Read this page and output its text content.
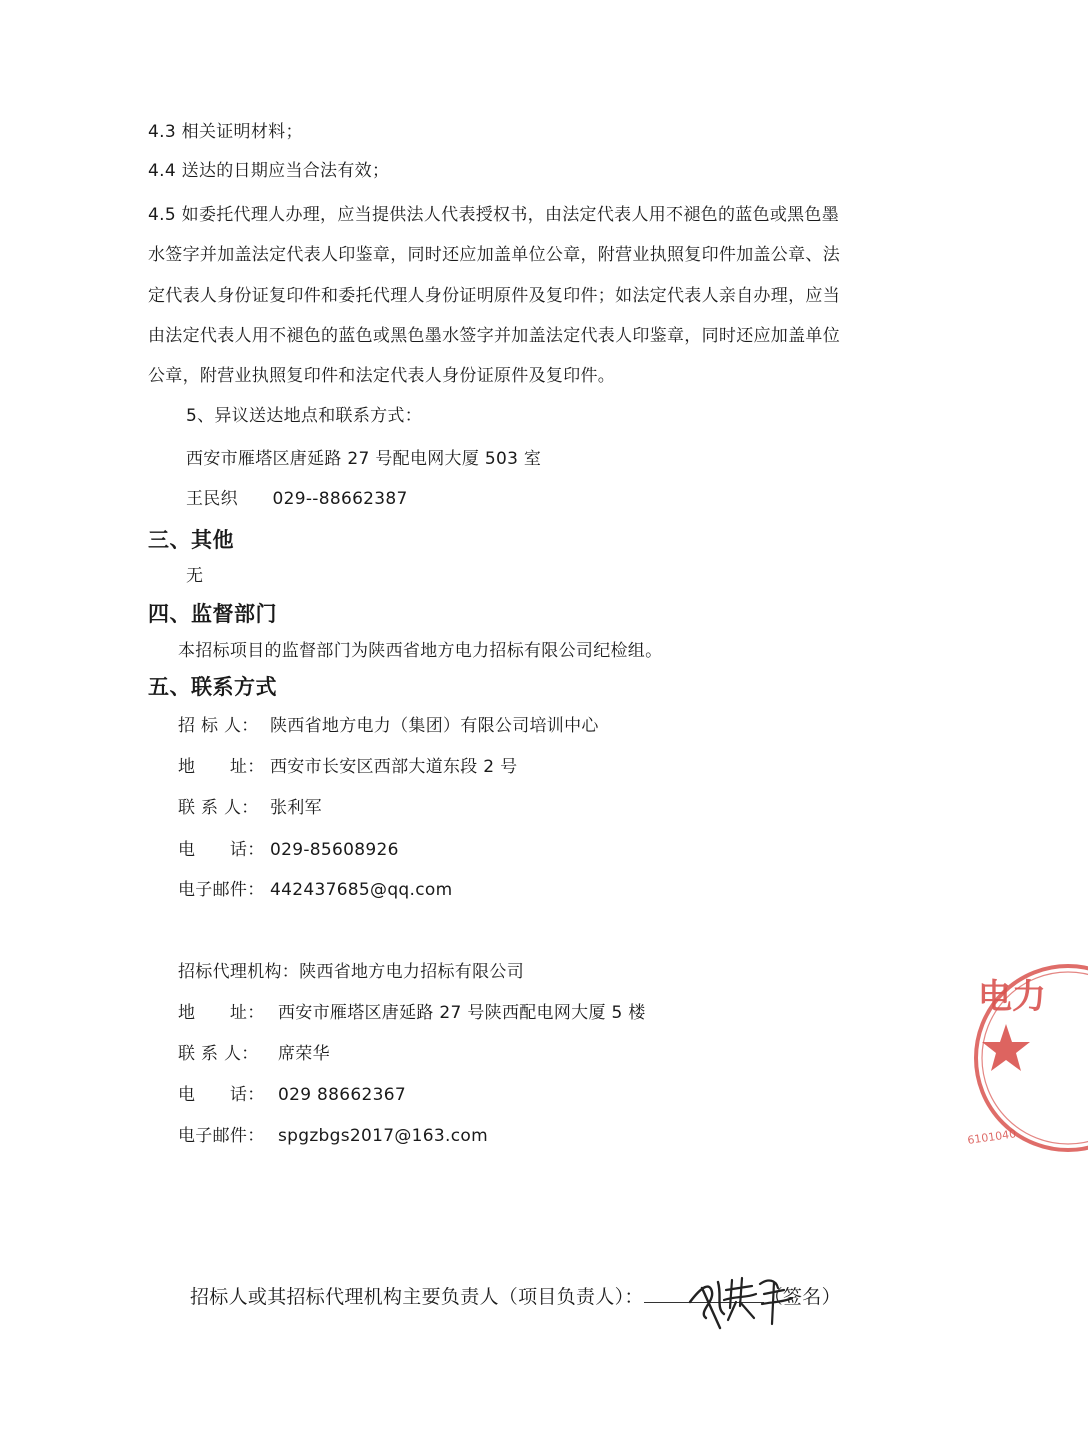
4.3 相关证明材料；
4.4 送达的日期应当合法有效；
4.5 如委托代理人办理，应当提供法人代表授权书，由法定代表人用不褪色的蓝色或黑色墨
水签字并加盖法定代表人印鉴章，同时还应加盖单位公章，附营业执照复印件加盖公章、法
定代表人身份证复印件和委托代理人身份证明原件及复印件；如法定代表人亲自办理，应当
由法定代表人用不褪色的蓝色或黑色墨水签字并加盖法定代表人印鉴章，同时还应加盖单位
公章，附营业执照复印件和法定代表人身份证原件及复印件。
5、异议送达地点和联系方式：
西安市雁塔区唐延路 27 号配电网大厦 503 室
王民织　　029--88662387
三、其他
无
四、监督部门
本招标项目的监督部门为陕西省地方电力招标有限公司纪检组。
五、联系方式
招 标 人： 陕西省地方电力（集团）有限公司培训中心
地　　址： 西安市长安区西部大道东段 2 号
联 系 人： 张利军
电　　话： 029-85608926
电子邮件： 442437685@qq.com
招标代理机构：陕西省地方电力招标有限公司
地　　址： 西安市雁塔区唐延路 27 号陕西配电网大厦 5 楼
联 系 人： 席荣华
电　　话： 029 88662367
电子邮件： spgzbgs2017@163.com
招标人或其招标代理机构主要负责人（项目负责人）：	（签名）
电力
6101040
